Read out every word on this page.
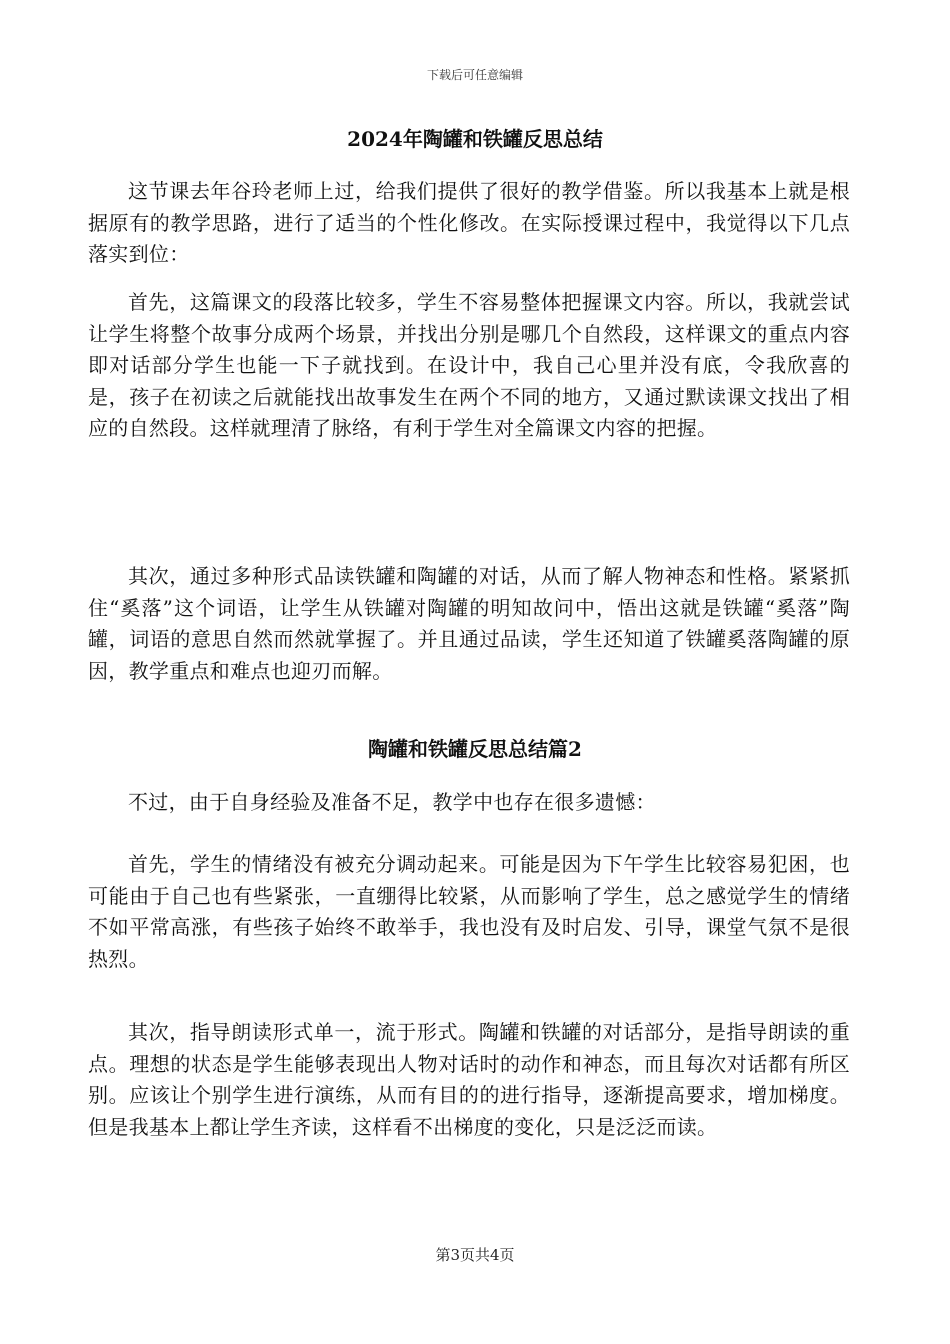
下载后可任意编辑
2024年陶罐和铁罐反思总结

这节课去年谷玲老师上过，给我们提供了很好的教学借鉴。所以我基本上就是根据原有的教学思路，进行了适当的个性化修改。在实际授课过程中，我觉得以下几点落实到位：

首先，这篇课文的段落比较多，学生不容易整体把握课文内容。所以，我就尝试让学生将整个故事分成两个场景，并找出分别是哪几个自然段，这样课文的重点内容即对话部分学生也能一下子就找到。在设计中，我自己心里并没有底，令我欣喜的是，孩子在初读之后就能找出故事发生在两个不同的地方，又通过默读课文找出了相应的自然段。这样就理清了脉络，有利于学生对全篇课文内容的把握。

其次，通过多种形式品读铁罐和陶罐的对话，从而了解人物神态和性格。紧紧抓住“奚落”这个词语，让学生从铁罐对陶罐的明知故问中，悟出这就是铁罐“奚落”陶罐，词语的意思自然而然就掌握了。并且通过品读，学生还知道了铁罐奚落陶罐的原因，教学重点和难点也迎刃而解。

陶罐和铁罐反思总结篇2

不过，由于自身经验及准备不足，教学中也存在很多遗憾：

首先，学生的情绪没有被充分调动起来。可能是因为下午学生比较容易犯困，也可能由于自己也有些紧张，一直绷得比较紧，从而影响了学生，总之感觉学生的情绪不如平常高涨，有些孩子始终不敢举手，我也没有及时启发、引导，课堂气氛不是很热烈。

其次，指导朗读形式单一，流于形式。陶罐和铁罐的对话部分，是指导朗读的重点。理想的状态是学生能够表现出人物对话时的动作和神态，而且每次对话都有所区别。应该让个别学生进行演练，从而有目的的进行指导，逐渐提高要求，增加梯度。但是我基本上都让学生齐读，这样看不出梯度的变化，只是泛泛而读。

第3页共4页
